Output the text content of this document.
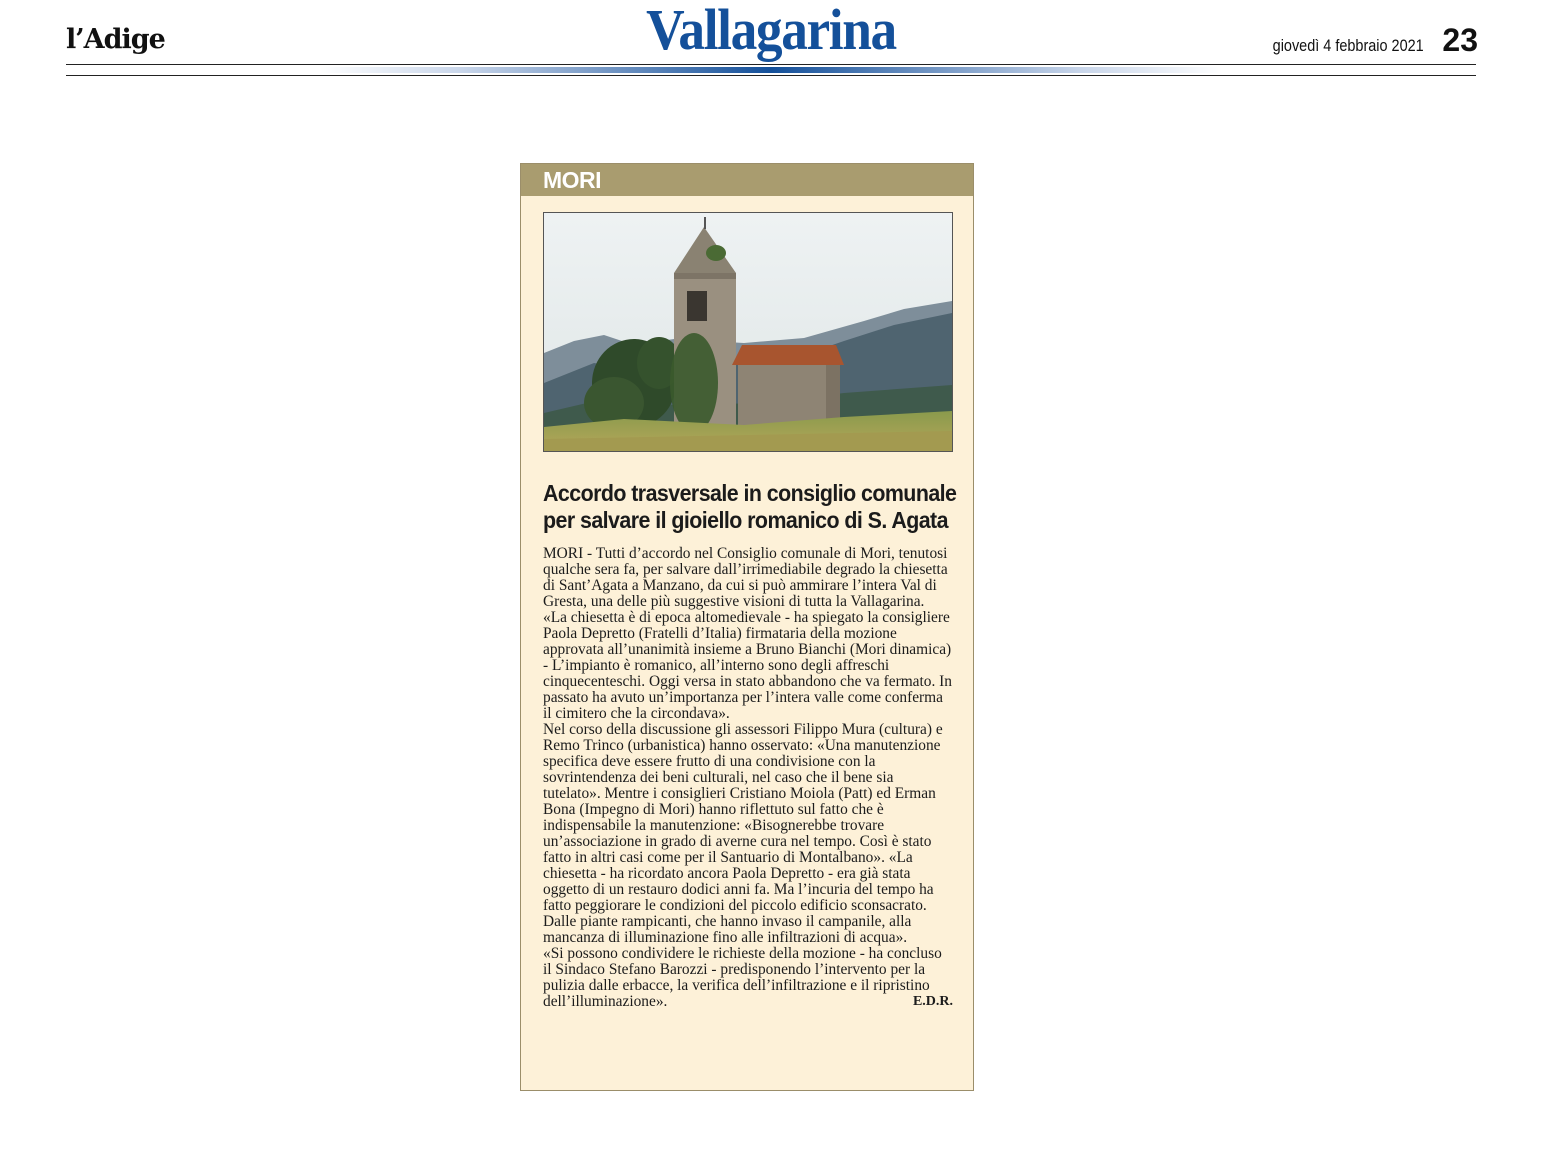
l’Adige	Vallagarina	giovedì 4 febbraio 2021 23
MORI
Accordo trasversale in consiglio comunale
per salvare il gioiello romanico di S. Agata

MORI - Tutti d’accordo nel Consiglio comunale di Mori, tenutosi qualche sera fa, per salvare dall’irrimediabile degrado la chiesetta di Sant’Agata a Manzano, da cui si può ammirare l’intera Val di Gresta, una delle più suggestive visioni di tutta la Vallagarina.

«La chiesetta è di epoca altomedievale - ha spiegato la consigliere Paola Depretto (Fratelli d’Italia) firmataria della mozione approvata all’unanimità insieme a Bruno Bianchi (Mori dinamica) - L’impianto è romanico, all’interno sono degli affreschi cinquecenteschi. Oggi versa in stato abbandono che va fermato. In passato ha avuto un’importanza per l’intera valle come conferma il cimitero che la circondava».

Nel corso della discussione gli assessori Filippo Mura (cultura) e Remo Trinco (urbanistica) hanno osservato: «Una manutenzione specifica deve essere frutto di una condivisione con la sovrintendenza dei beni culturali, nel caso che il bene sia tutelato». Mentre i consiglieri Cristiano Moiola (Patt) ed Erman Bona (Impegno di Mori) hanno riflettuto sul fatto che è indispensabile la manutenzione: «Bisognerebbe trovare un’associazione in grado di averne cura nel tempo. Così è stato fatto in altri casi come per il Santuario di Montalbano». «La chiesetta - ha ricordato ancora Paola Depretto - era già stata oggetto di un restauro dodici anni fa. Ma l’incuria del tempo ha fatto peggiorare le condizioni del piccolo edificio sconsacrato. Dalle piante rampicanti, che hanno invaso il campanile, alla mancanza di illuminazione fino alle infiltrazioni di acqua».

«Si possono condividere le richieste della mozione - ha concluso il Sindaco Stefano Barozzi - predisponendo l’intervento per la pulizia dalle erbacce, la verifica dell’infiltrazione e il ripristino dell’illuminazione».	E.D.R.
